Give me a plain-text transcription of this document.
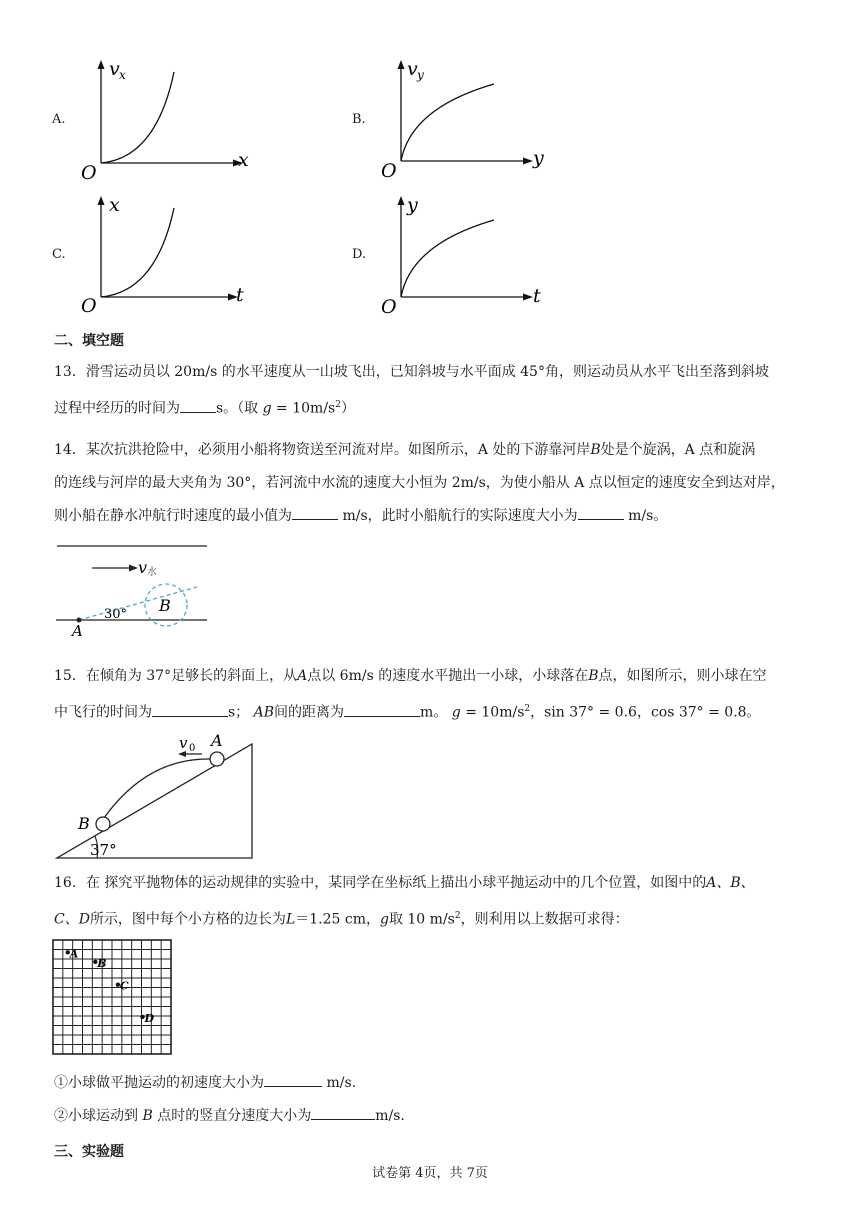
A.
v x
x
O
B.
v y
y
O
C.
x
t
O
D.
y
t
O
二、填空题
13．滑雪运动员以 20m/s 的水平速度从一山坡飞出，已知斜坡与水平面成 45°角，则运动员从水平飞出至落到斜坡
过程中经历的时间为	s。（取 $g = 10m/s^2$）
14．某次抗洪抢险中，必须用小船将物资送至河流对岸。如图所示，A 处的下游靠河岸B处是个旋涡，A 点和旋涡
的连线与河岸的最大夹角为 30°，若河流中水流的速度大小恒为 2m/s，为使小船从 A 点以恒定的速度安全到达对岸，
则小船在静水冲航行时速度的最小值为	m/s，此时小船航行的实际速度大小为	m/s。
v 水
B
A
30°
15．在倾角为 37°足够长的斜面上，从A点以 6m/s 的速度水平抛出一小球，小球落在B点，如图所示，则小球在空
中飞行的时间为	s； AB间的距离为	m。 $g = 10m/s^2$，sin 37° = 0.6，cos 37° = 0.8。
37°
v 0 A
B
16．在 探究平抛物体的运动规律的实验中，某同学在坐标纸上描出小球平抛运动中的几个位置，如图中的A、B、
C、D所示，图中每个小方格的边长为L＝1.25 cm，g取 10 $m/s^2$，则利用以上数据可求得：
A
B
C
D
①小球做平抛运动的初速度大小为	m/s.
②小球运动到 B 点时的竖直分速度大小为	m/s.
三、实验题
试卷第 4页，共 7页
